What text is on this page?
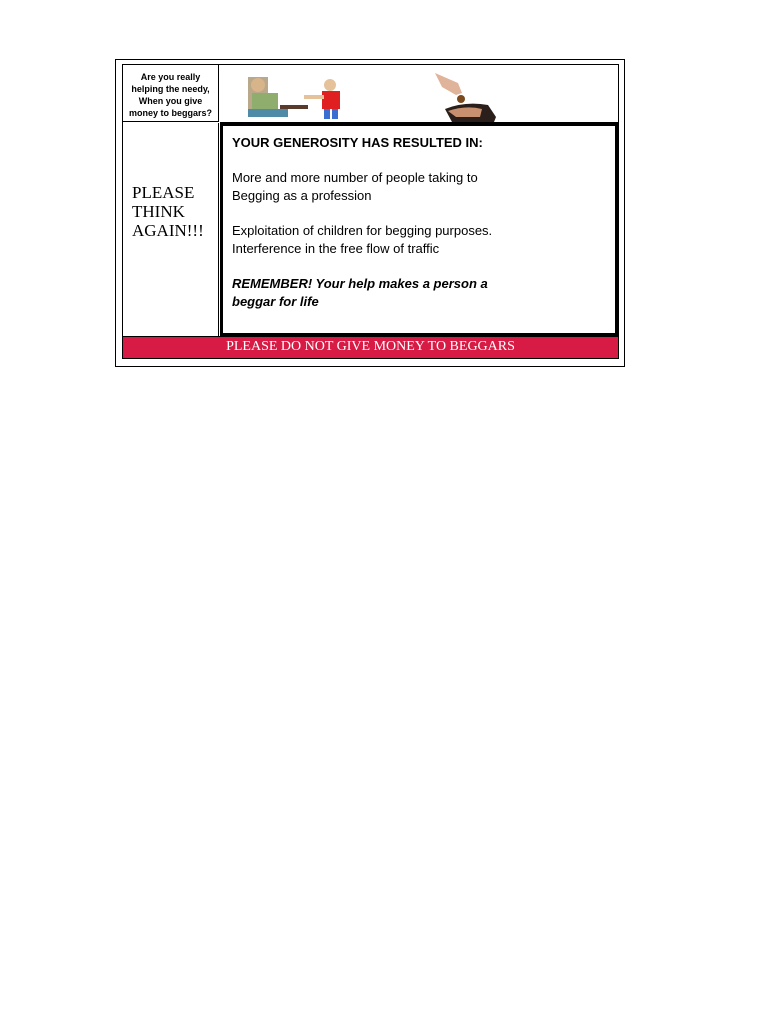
Are you really
helping the needy,
When you give
money to beggars?
PLEASE
THINK
AGAIN!!!

YOUR GENEROSITY HAS RESULTED IN:

More and more number of people taking to
Begging as a profession

Exploitation of children for begging purposes.
Interference in the free flow of traffic

REMEMBER! Your help makes a person a
beggar for life

PLEASE DO NOT GIVE MONEY TO BEGGARS
